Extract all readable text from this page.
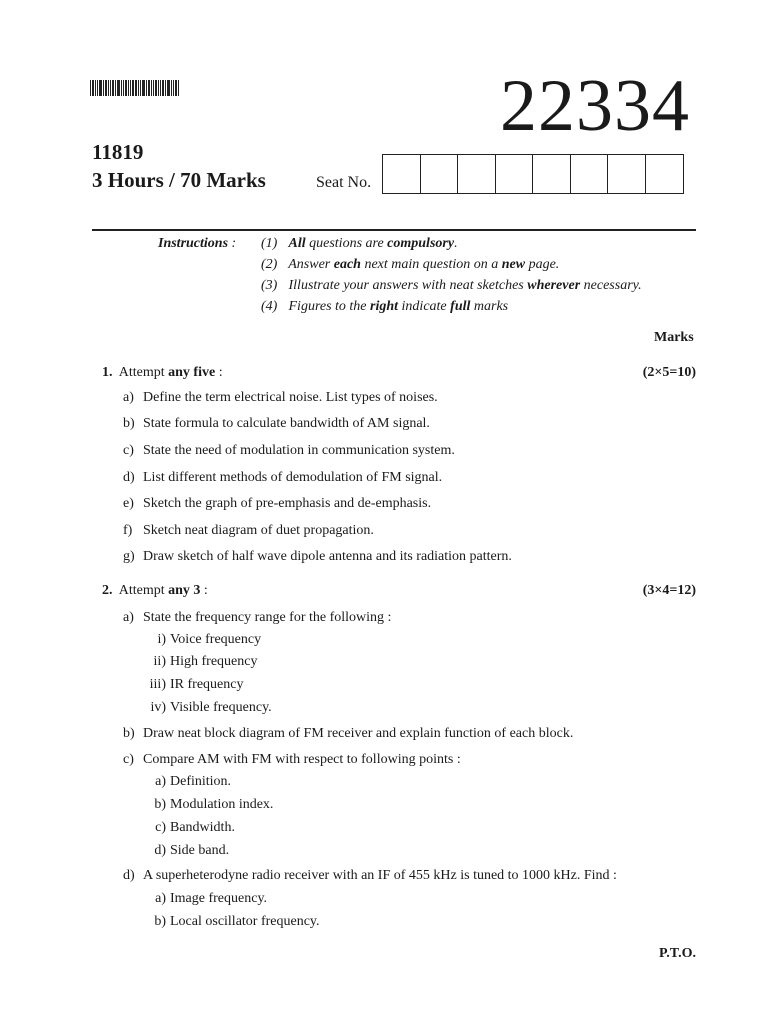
22334
11819
3 Hours / 70 Marks	Seat No.
Instructions : (1) All questions are compulsory.
(2) Answer each next main question on a new page.
(3) Illustrate your answers with neat sketches wherever necessary.
(4) Figures to the right indicate full marks
Marks
1. Attempt any five :	(2×5=10)
a) Define the term electrical noise. List types of noises.
b) State formula to calculate bandwidth of AM signal.
c) State the need of modulation in communication system.
d) List different methods of demodulation of FM signal.
e) Sketch the graph of pre-emphasis and de-emphasis.
f) Sketch neat diagram of duet propagation.
g) Draw sketch of half wave dipole antenna and its radiation pattern.
2. Attempt any 3 :	(3×4=12)
a) State the frequency range for the following :
i) Voice frequency
ii) High frequency
iii) IR frequency
iv) Visible frequency.
b) Draw neat block diagram of FM receiver and explain function of each block.
c) Compare AM with FM with respect to following points :
a) Definition.
b) Modulation index.
c) Bandwidth.
d) Side band.
d) A superheterodyne radio receiver with an IF of 455 kHz is tuned to 1000 kHz. Find :
a) Image frequency.
b) Local oscillator frequency.
P.T.O.
